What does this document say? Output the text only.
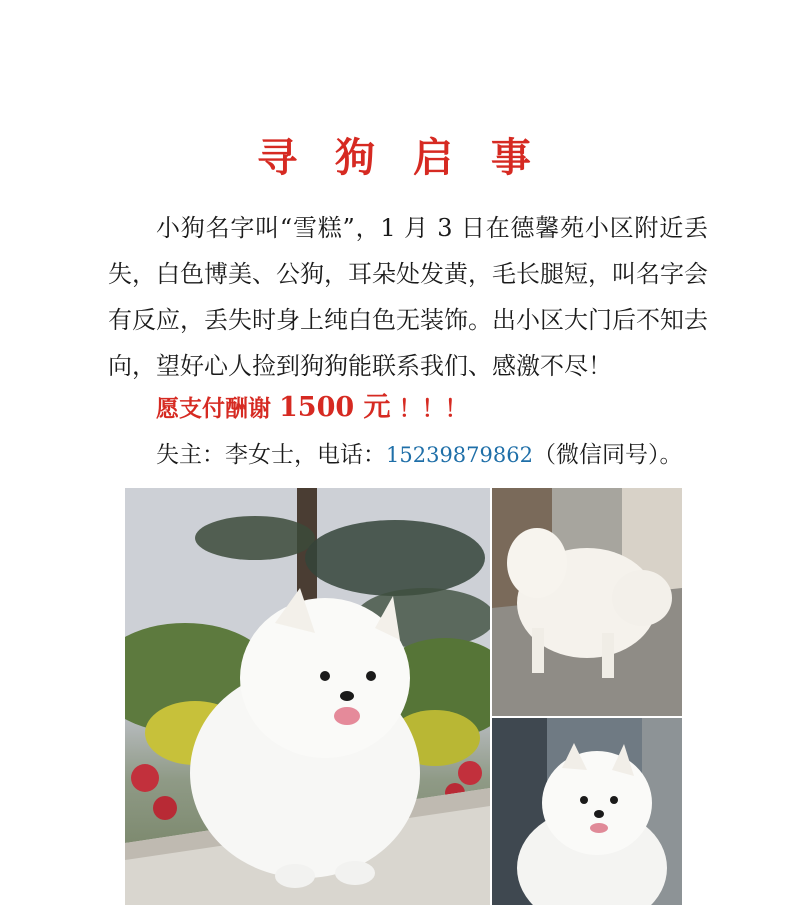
寻 狗 启 事

小狗名字叫“雪糕”，1 月 3 日在德馨苑小区附近丢失，白色博美、公狗，耳朵处发黄，毛长腿短，叫名字会有反应，丢失时身上纯白色无装饰。出小区大门后不知去向，望好心人捡到狗狗能联系我们、感激不尽！

愿支付酬谢 1500 元 ！！！
失主：李女士，电话：15239879862（微信同号）。
